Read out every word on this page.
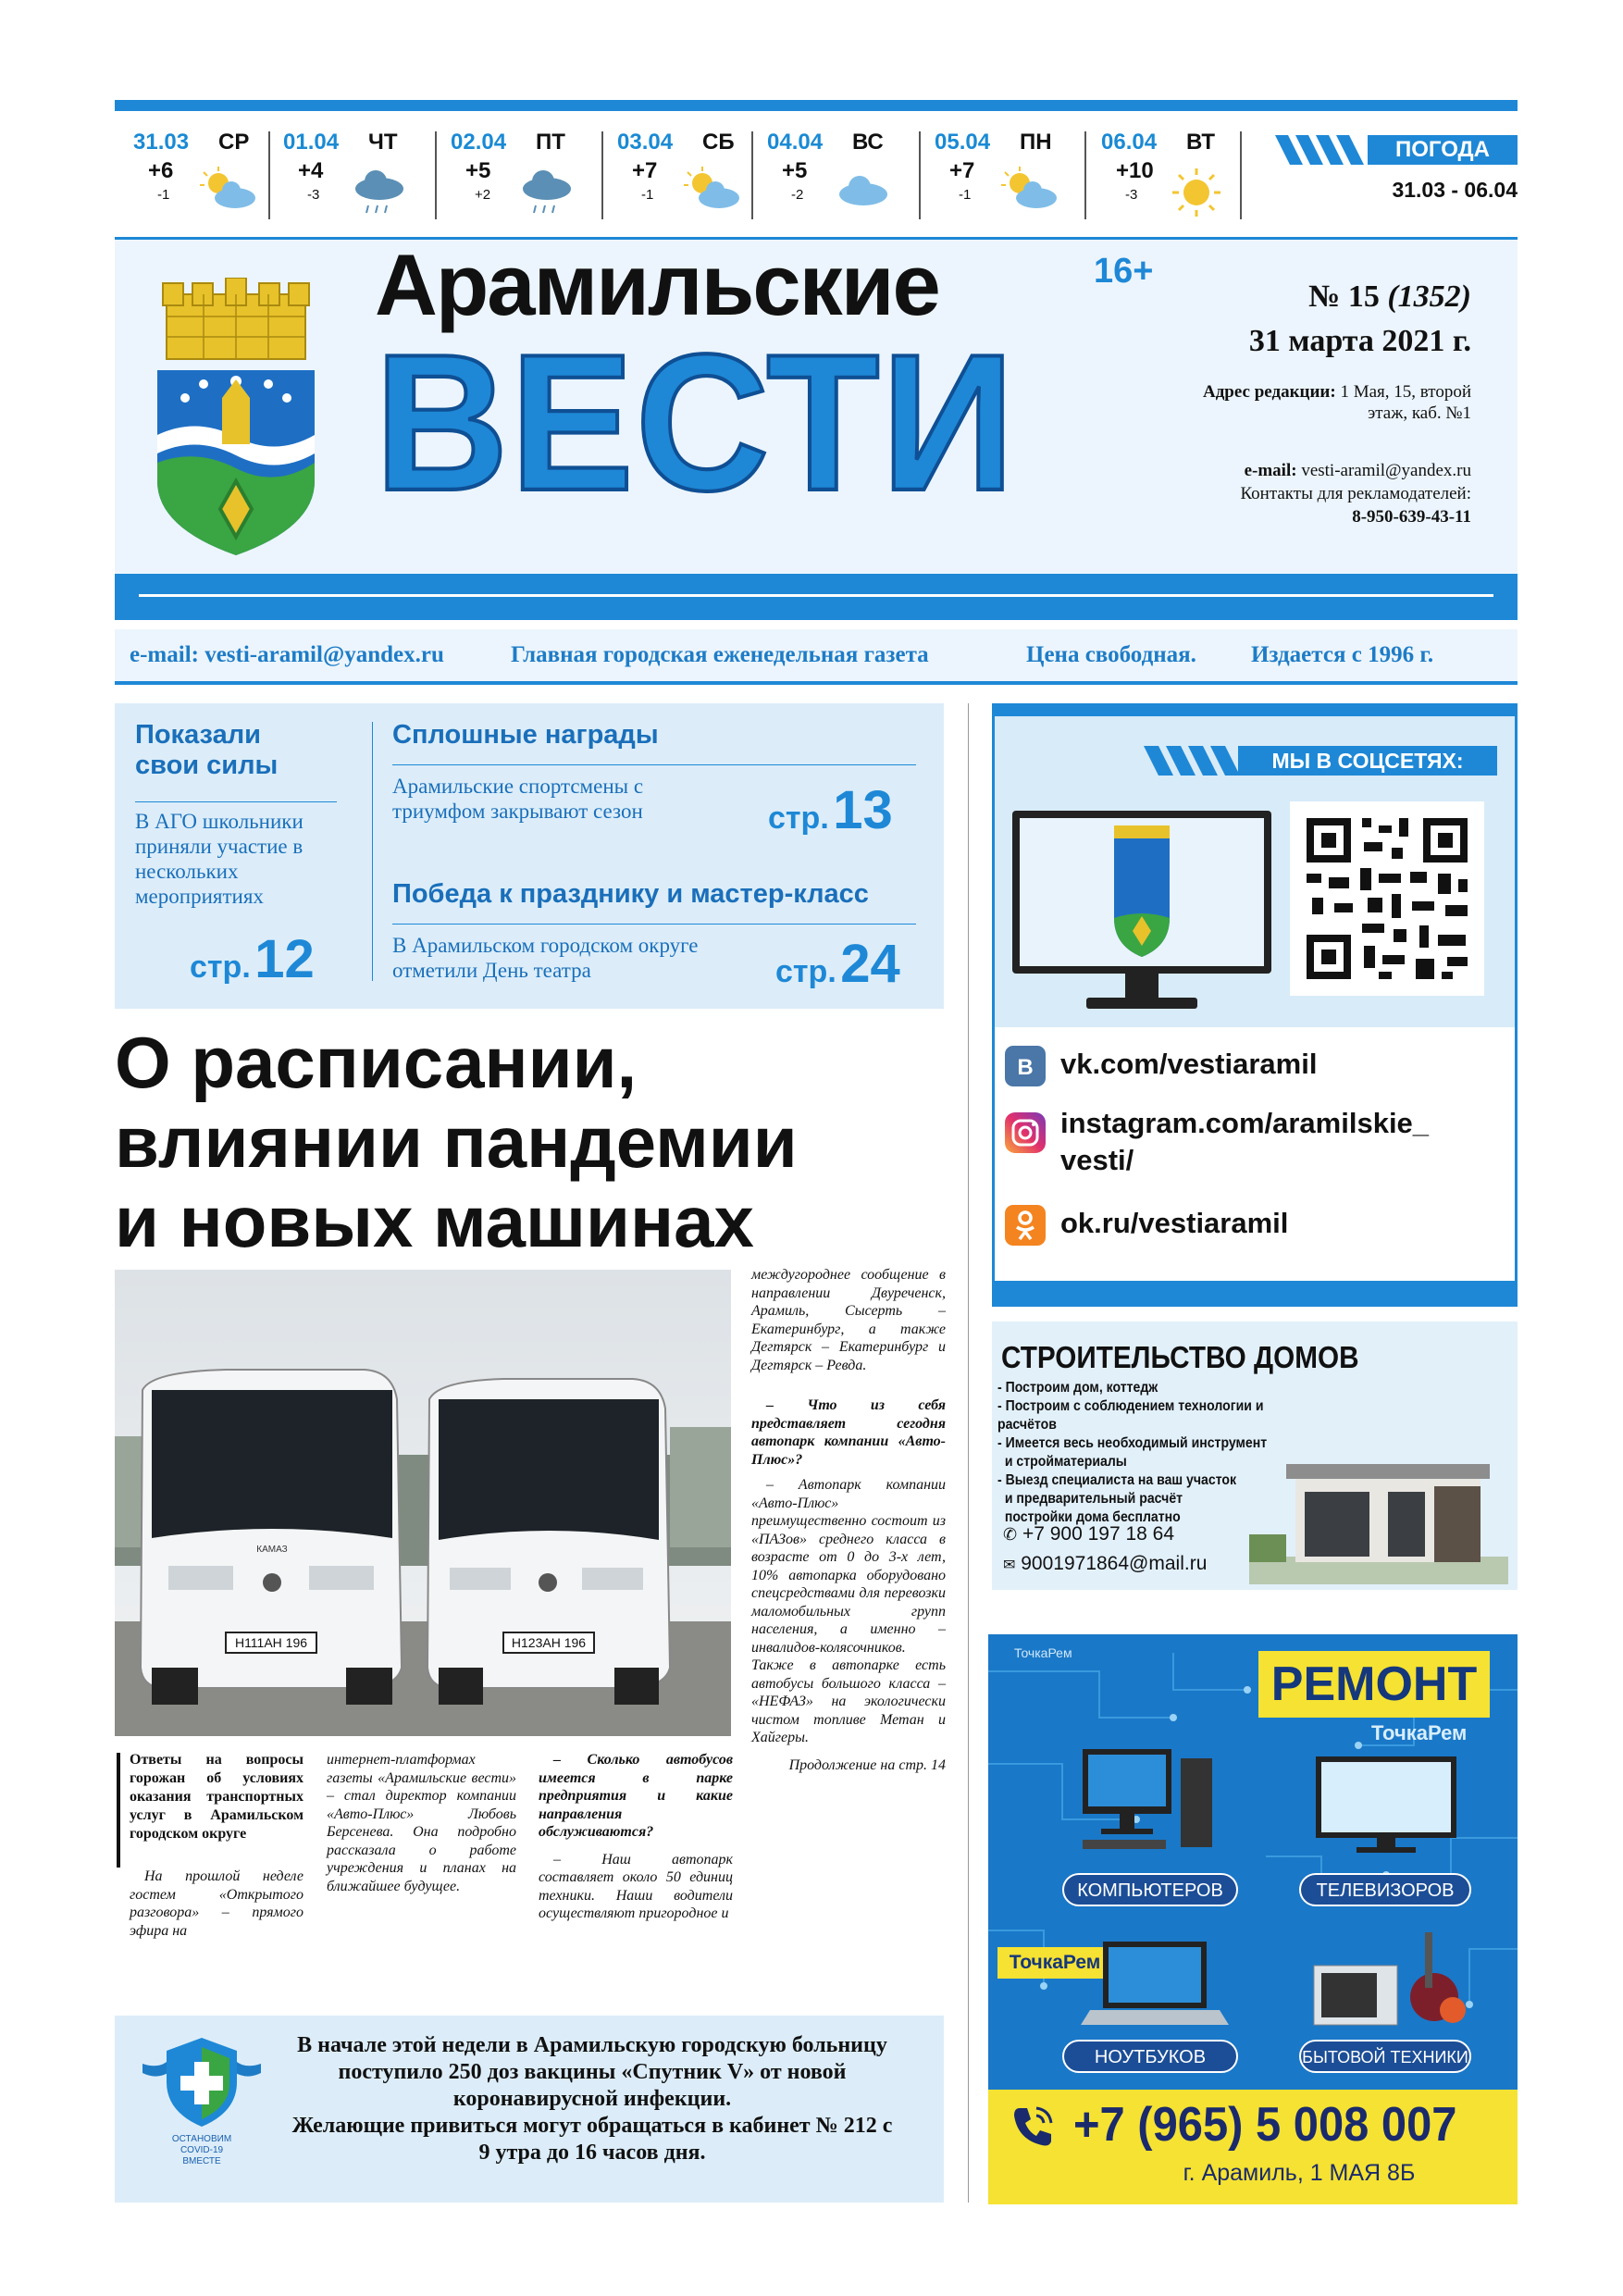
31.03 СР
+6
-1
01.04 ЧТ
+4
-3
02.04 ПТ
+5
+2
03.04 СБ
+7
-1
04.04 ВС
+5
-2
05.04 ПН
+7
-1
06.04 ВТ
+10
-3
ПОГОДА
31.03 - 06.04
Арамильские
ВЕСТИ
16+
№ 15 (1352)
31 марта 2021 г.
Адрес редакции: 1 Мая, 15, второй
этаж, каб. №1
e-mail: vesti-aramil@yandex.ru
Контакты для рекламодателей:
8-950-639-43-11
e-mail: vesti-aramil@yandex.ru	Главная городская еженедельная газета	Цена свободная. Издается с 1996 г.
Показали свои силы
В АГО школьники приняли участие в нескольких мероприятиях
стр. 12
Сплошные награды
Арамильские спортсмены с триумфом закрывают сезон	стр. 13
Победа к празднику и мастер-класс
В Арамильском городском округе отметили День театра	стр. 24
О расписании,
влиянии пандемии
и новых машинах
Н111АН 196
КАМАЗ
Н123АН 196

междугороднее сообщение в направлении Двуреченск, Арамиль, Сысерть – Екатеринбург, а также Дегтярск – Екатеринбург и Дегтярск – Ревда.

– Что из себя представляет сегодня автопарк компании «Авто-Плюс»?

– Автопарк компании «Авто-Плюс» преимущественно состоит из «ПАЗов» среднего класса в возрасте от 0 до 3-х лет, 10% автопарка оборудовано спецсредствами для перевозки маломобильных групп населения, а именно – инвалидов-колясочников. Также в автопарке есть автобусы большого класса – «НЕФАЗ» на экологически чистом топливе Метан и Хайгеры.

Продолжение на стр. 14

Ответы на вопросы горожан об условиях оказания транспортных услуг в Арамильском городском округе

На прошлой неделе гостем «Открытого разговора» – прямого эфира на

интернет-платформах газеты «Арамильские вести» – стал директор компании «Авто-Плюс» Любовь Берсенева. Она подробно рассказала о работе учреждения и планах на ближайшее будущее.

– Сколько автобусов имеется в парке предприятия и какие направления обслуживаются?

– Наш автопарк составляет около 50 единиц техники. Наши водители осуществляют пригородное и

ОСТАНОВИМ
COVID-19
ВМЕСТЕ
В начале этой недели в Арамильскую городскую больницу поступило 250 доз вакцины «Спутник V» от новой коронавирусной инфекции.
Желающие привиться могут обращаться в кабинет № 212 с 9 утра до 16 часов дня.
МЫ В СОЦСЕТЯХ:
В vk.com/vestiaramil
instagram.com/aramilskie_
vesti/
ok.ru/vestiaramil
СТРОИТЕЛЬСТВО ДОМОВ
- Построим дом, коттедж
- Построим с соблюдением технологии и расчётов
- Имеется весь необходимый инструмент
и стройматериалы
- Выезд специалиста на ваш участок
и предварительный расчёт
постройки дома бесплатно
✆ +7 900 197 18 64
✉ 9001971864@mail.ru
ТочкаРем
РЕМОНТ
ТочкаРем
КОМПЬЮТЕРОВ	ТЕЛЕВИЗОРОВ
ТочкаРем
НОУТБУКОВ	БЫТОВОЙ ТЕХНИКИ
+7 (965) 5 008 007
г. Арамиль, 1 МАЯ 8Б
